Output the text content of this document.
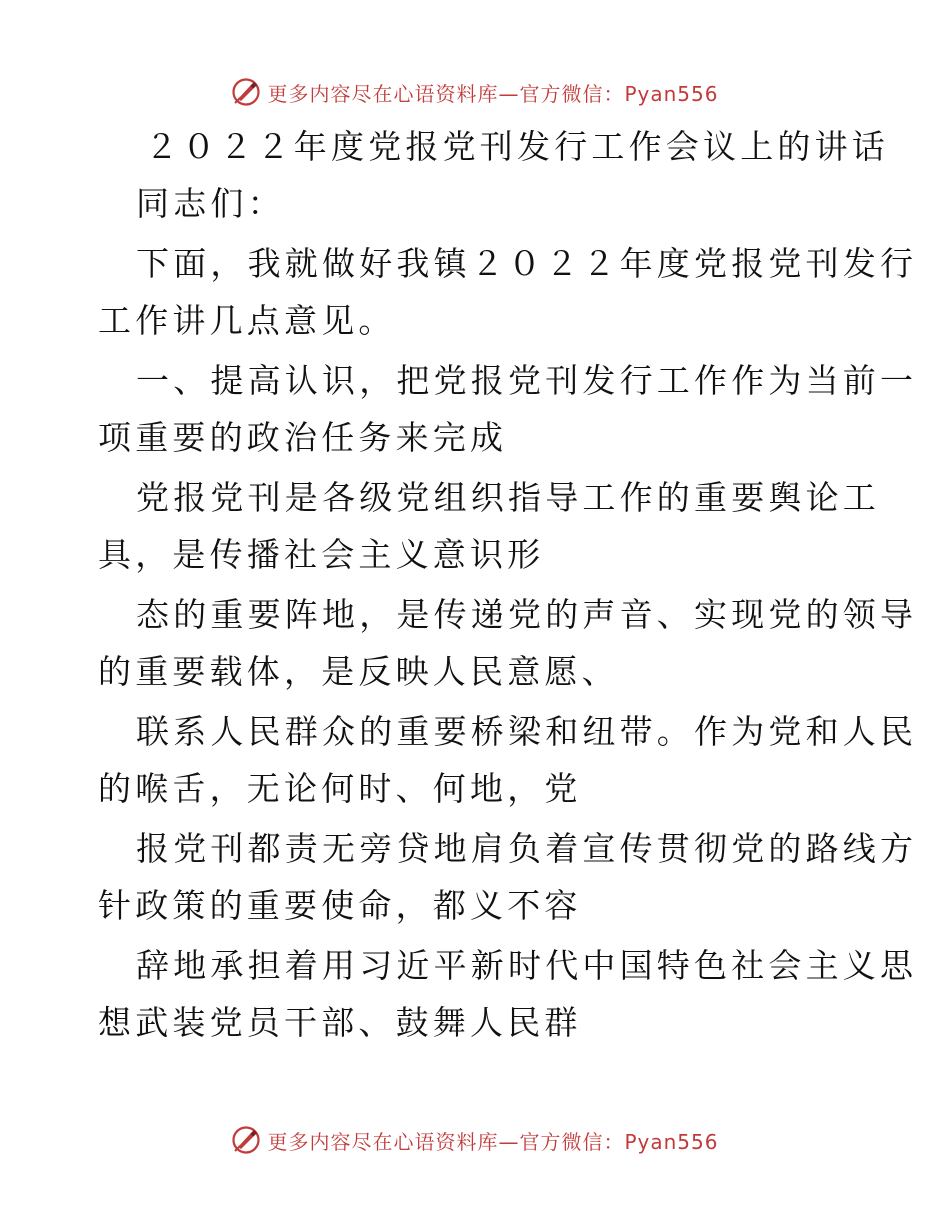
更多内容尽在心语资料库—官方微信：Pyan556
２０２２年度党报党刊发行工作会议上的讲话
同志们：
下面，我就做好我镇２０２２年度党报党刊发行
工作讲几点意见。
一、提高认识，把党报党刊发行工作作为当前一
项重要的政治任务来完成
党报党刊是各级党组织指导工作的重要舆论工
具，是传播社会主义意识形
态的重要阵地，是传递党的声音、实现党的领导
的重要载体，是反映人民意愿、
联系人民群众的重要桥梁和纽带。作为党和人民
的喉舌，无论何时、何地，党
报党刊都责无旁贷地肩负着宣传贯彻党的路线方
针政策的重要使命，都义不容
辞地承担着用习近平新时代中国特色社会主义思
想武装党员干部、鼓舞人民群
更多内容尽在心语资料库—官方微信：Pyan556
